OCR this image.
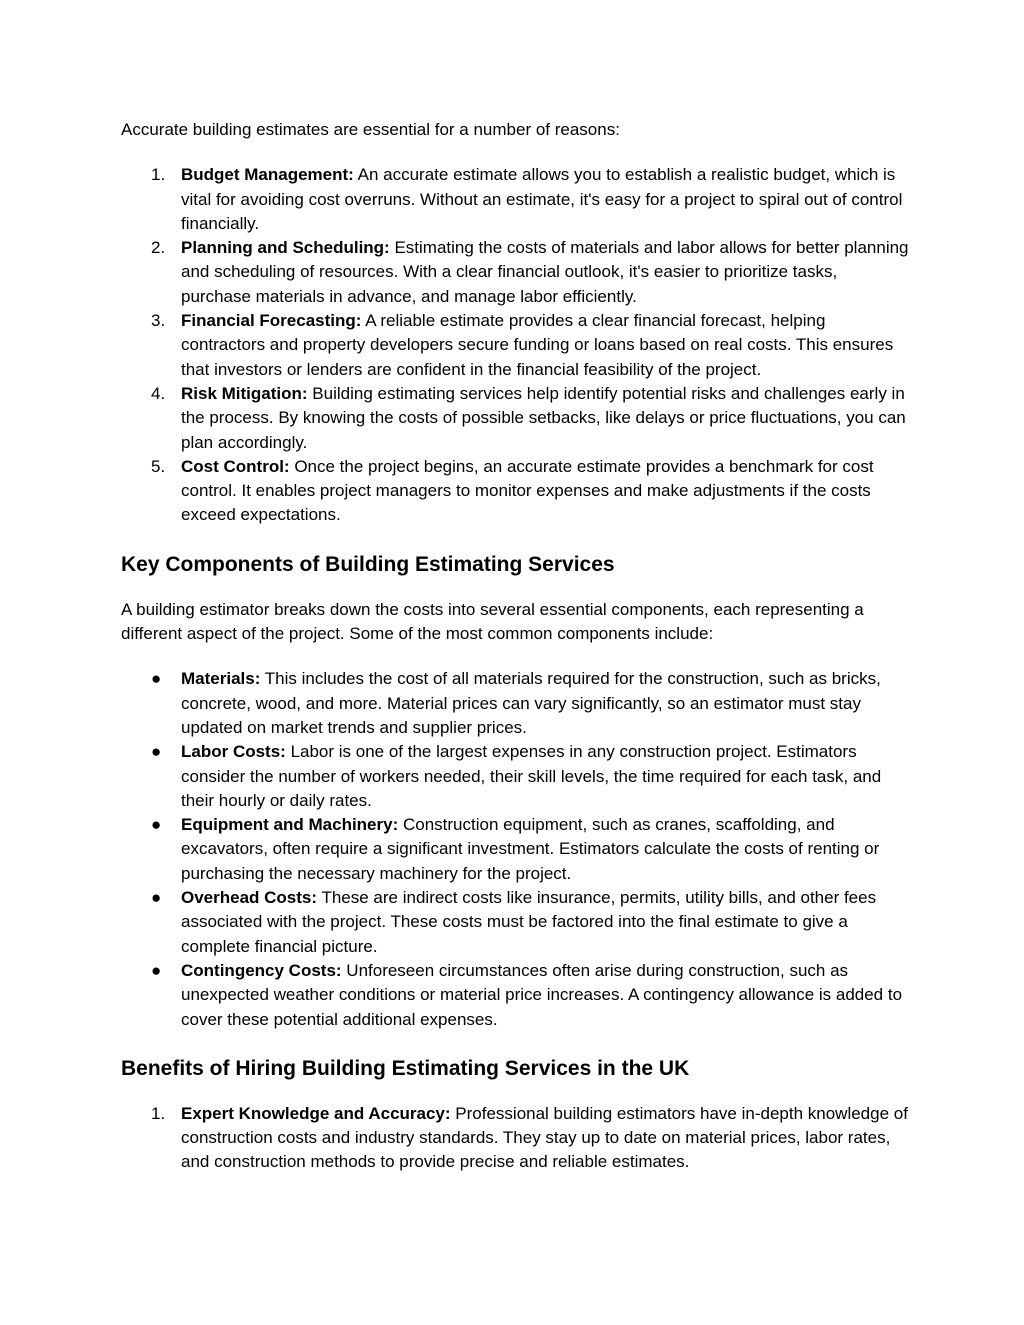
Accurate building estimates are essential for a number of reasons:

1. Budget Management: An accurate estimate allows you to establish a realistic budget, which is vital for avoiding cost overruns. Without an estimate, it's easy for a project to spiral out of control financially.
2. Planning and Scheduling: Estimating the costs of materials and labor allows for better planning and scheduling of resources. With a clear financial outlook, it's easier to prioritize tasks, purchase materials in advance, and manage labor efficiently.
3. Financial Forecasting: A reliable estimate provides a clear financial forecast, helping contractors and property developers secure funding or loans based on real costs. This ensures that investors or lenders are confident in the financial feasibility of the project.
4. Risk Mitigation: Building estimating services help identify potential risks and challenges early in the process. By knowing the costs of possible setbacks, like delays or price fluctuations, you can plan accordingly.
5. Cost Control: Once the project begins, an accurate estimate provides a benchmark for cost control. It enables project managers to monitor expenses and make adjustments if the costs exceed expectations.
Key Components of Building Estimating Services

A building estimator breaks down the costs into several essential components, each representing a different aspect of the project. Some of the most common components include:

● Materials: This includes the cost of all materials required for the construction, such as bricks, concrete, wood, and more. Material prices can vary significantly, so an estimator must stay updated on market trends and supplier prices.
● Labor Costs: Labor is one of the largest expenses in any construction project. Estimators consider the number of workers needed, their skill levels, the time required for each task, and their hourly or daily rates.
● Equipment and Machinery: Construction equipment, such as cranes, scaffolding, and excavators, often require a significant investment. Estimators calculate the costs of renting or purchasing the necessary machinery for the project.
● Overhead Costs: These are indirect costs like insurance, permits, utility bills, and other fees associated with the project. These costs must be factored into the final estimate to give a complete financial picture.
● Contingency Costs: Unforeseen circumstances often arise during construction, such as unexpected weather conditions or material price increases. A contingency allowance is added to cover these potential additional expenses.
Benefits of Hiring Building Estimating Services in the UK
1. Expert Knowledge and Accuracy: Professional building estimators have in-depth knowledge of construction costs and industry standards. They stay up to date on material prices, labor rates, and construction methods to provide precise and reliable estimates.
